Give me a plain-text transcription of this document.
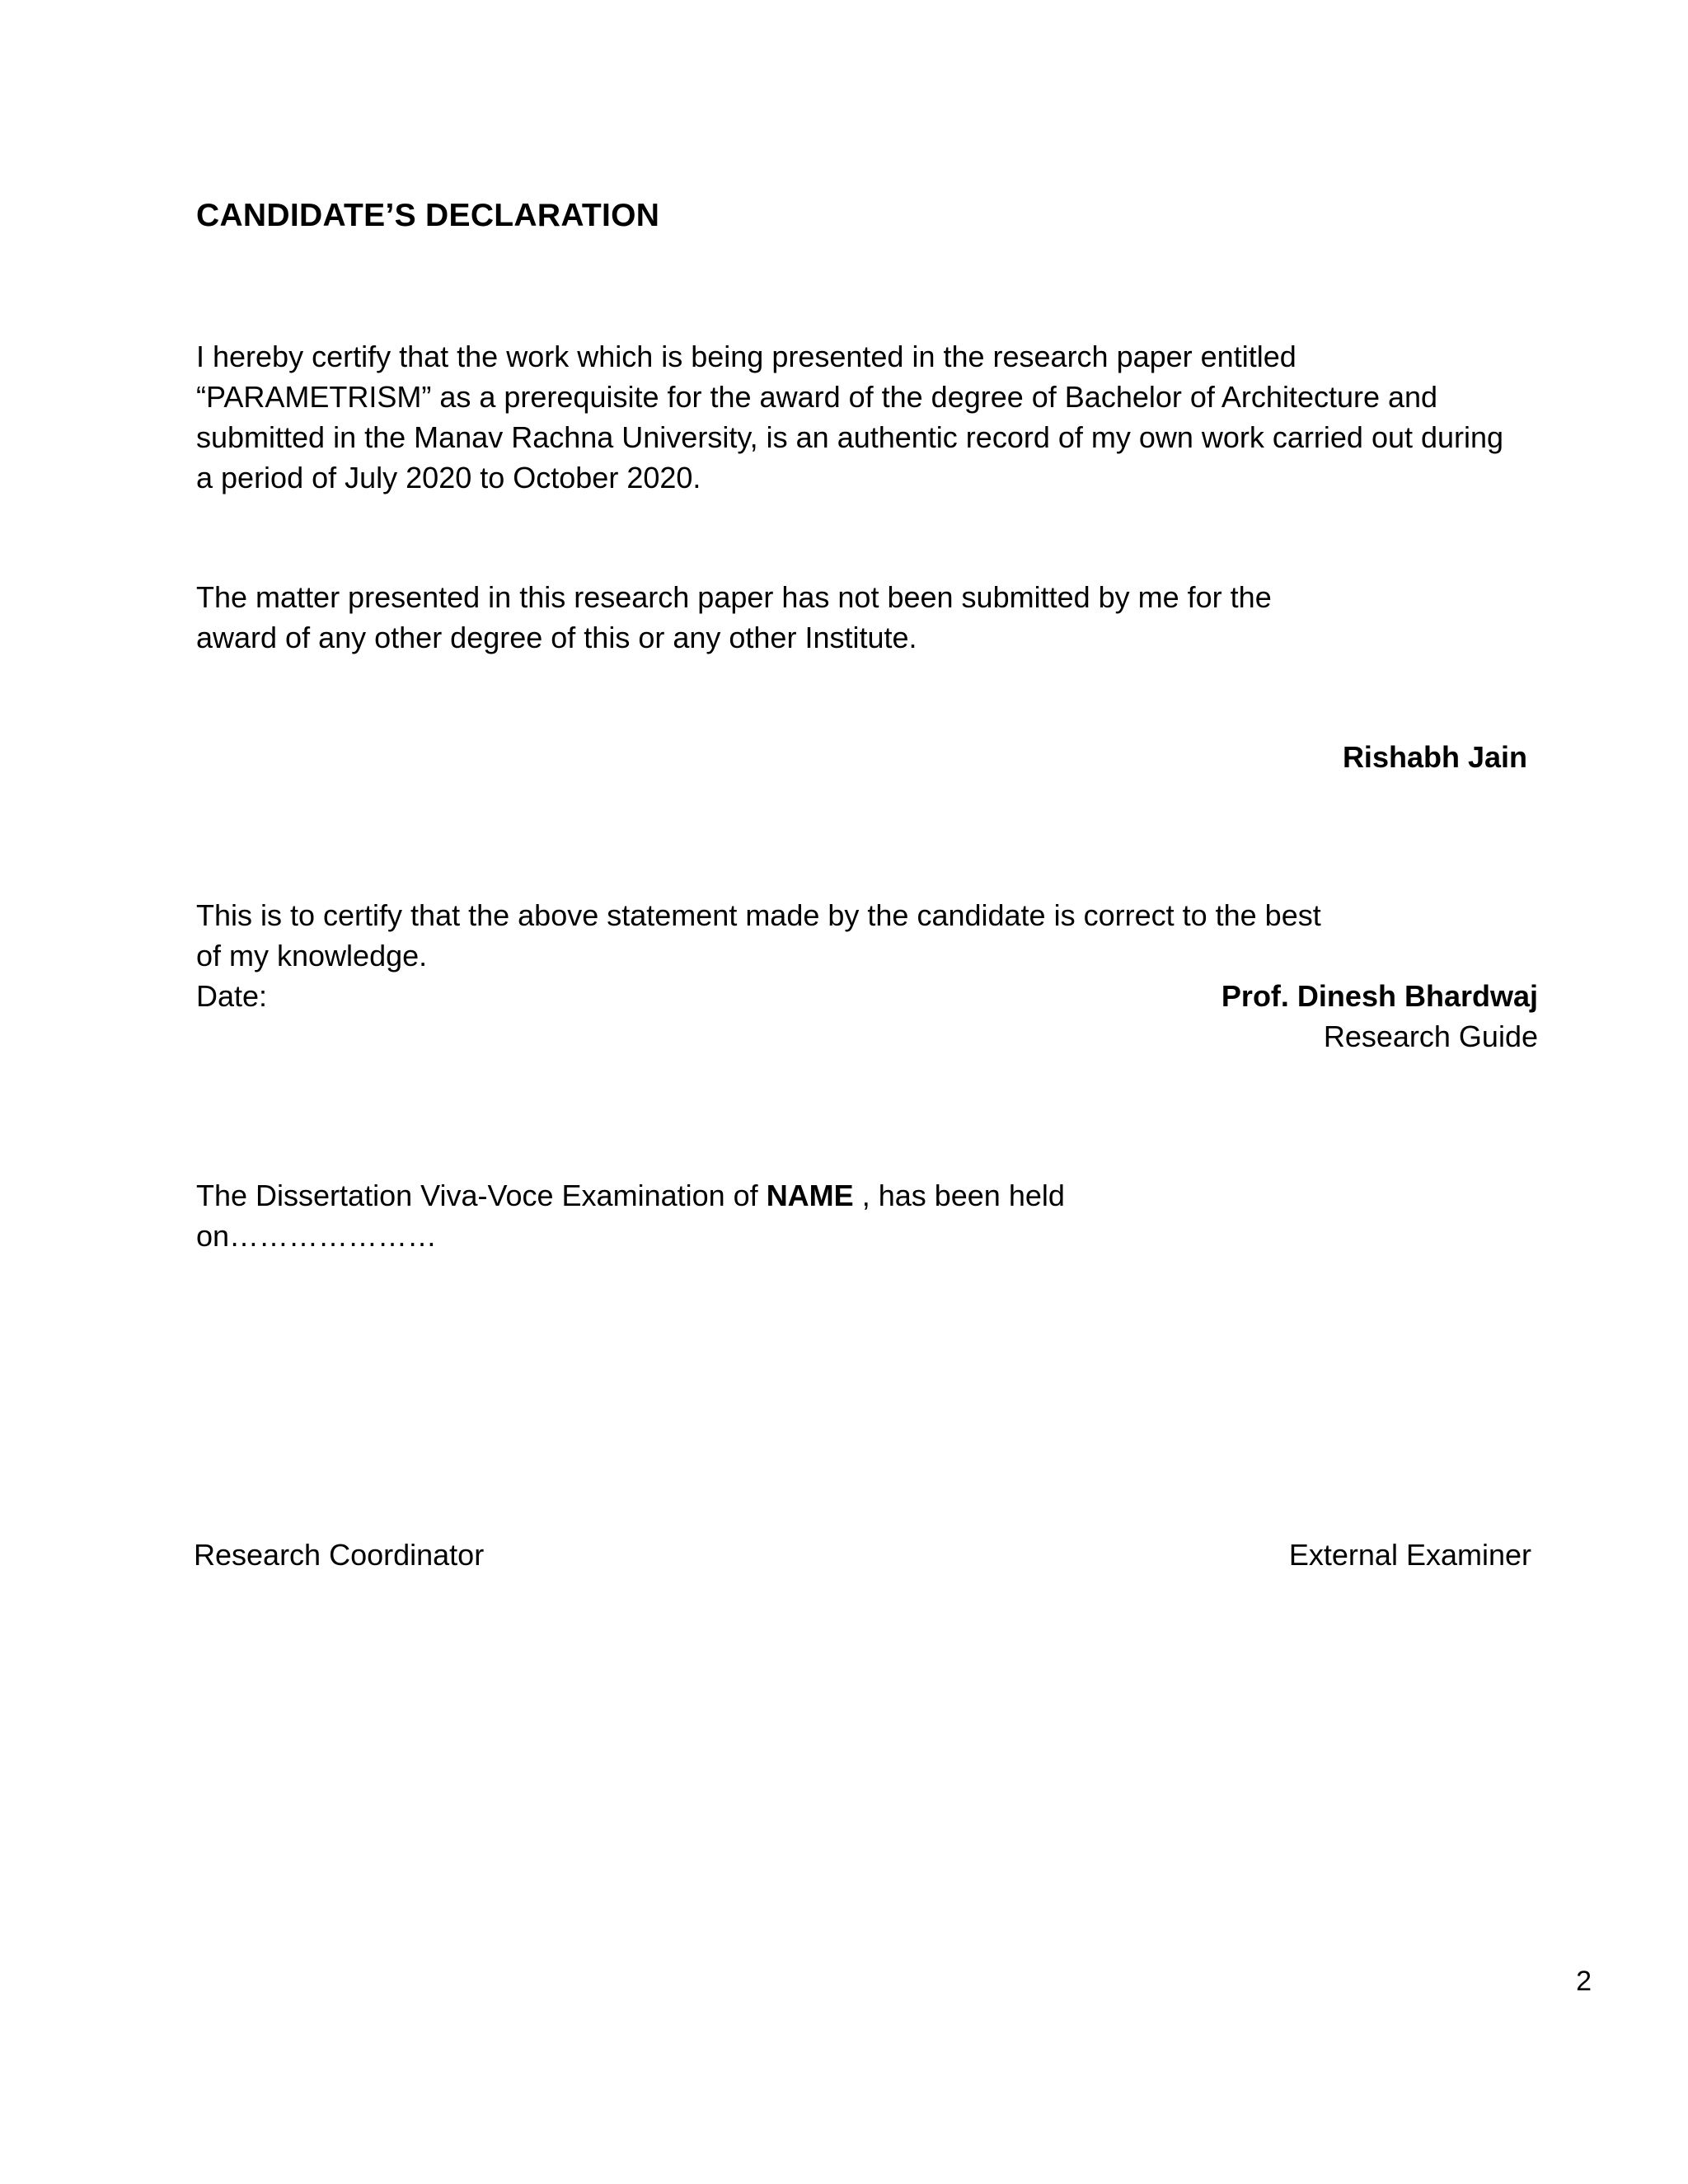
CANDIDATE’S DECLARATION
I hereby certify that the work which is being presented in the research paper entitled
“PARAMETRISM” as a prerequisite for the award of the degree of Bachelor of Architecture and
submitted in the Manav Rachna University, is an authentic record of my own work carried out during
a period of July 2020 to October 2020.
The matter presented in this research paper has not been submitted by me for the
award of any other degree of this or any other Institute.
Rishabh Jain
This is to certify that the above statement made by the candidate is correct to the best
of my knowledge.
Date:	Prof. Dinesh Bhardwaj
Research Guide
The Dissertation Viva-Voce Examination of NAME , has been held
on…………………
Research Coordinator	External Examiner
2
